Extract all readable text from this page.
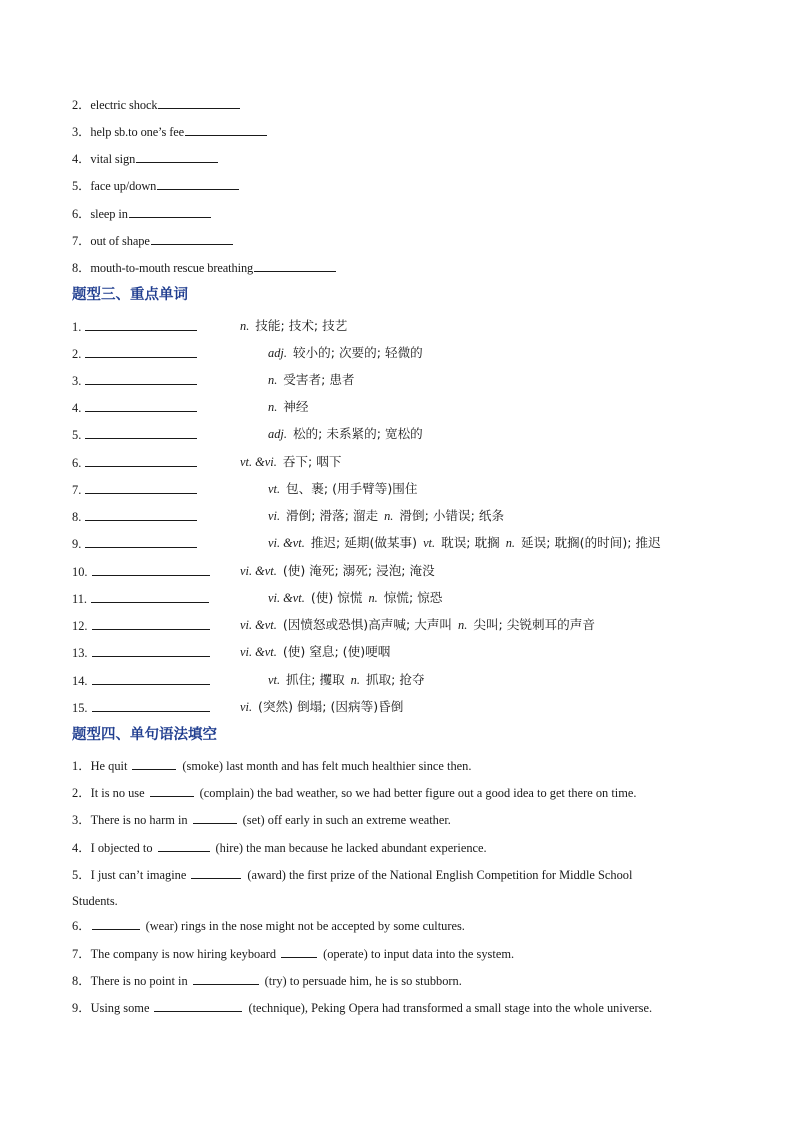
2．electric shock
3．help sb.to one’s fee
4．vital sign
5．face up/down
6．sleep in
7．out of shape
8．mouth-to-mouth rescue breathing
题型三、重点单词
1.	n. 技能; 技术; 技艺
2.	adj. 较小的; 次要的; 轻微的
3.	n. 受害者; 患者
4.	n. 神经
5.	adj. 松的; 未系紧的; 宽松的
6.	vt. &vi. 吞下; 咽下
7.	vt. 包、裹; (用手臂等)围住
8.	vi. 滑倒; 滑落; 溜走 n. 滑倒; 小错误; 纸条
9.	vi. &vt. 推迟; 延期(做某事) vt. 耽误; 耽搁 n. 延误; 耽搁(的时间); 推迟
10.	vi. &vt. (使) 淹死; 溺死; 浸泡; 淹没
11.	vi. &vt. (使) 惊慌 n. 惊慌; 惊恐
12.	vi. &vt. (因愤怒或恐惧)高声喊; 大声叫 n. 尖叫; 尖锐刺耳的声音
13.	vi. &vt. (使) 窒息; (使)哽咽
14.	vt. 抓住; 攫取 n. 抓取; 抢夺
15.	vi. (突然) 倒塌; (因病等)昏倒
题型四、单句语法填空
1．He quit	(smoke) last month and has felt much healthier since then.
2．It is no use	(complain) the bad weather, so we had better figure out a good idea to get there on time.
3．There is no harm in	(set) off early in such an extreme weather.
4．I objected to	(hire) the man because he lacked abundant experience.
5．I just can’t imagine	(award) the first prize of the National English Competition for Middle School
Students.
6．	(wear) rings in the nose might not be accepted by some cultures.
7．The company is now hiring keyboard	(operate) to input data into the system.
8．There is no point in	(try) to persuade him, he is so stubborn.
9．Using some	(technique), Peking Opera had transformed a small stage into the whole universe.
